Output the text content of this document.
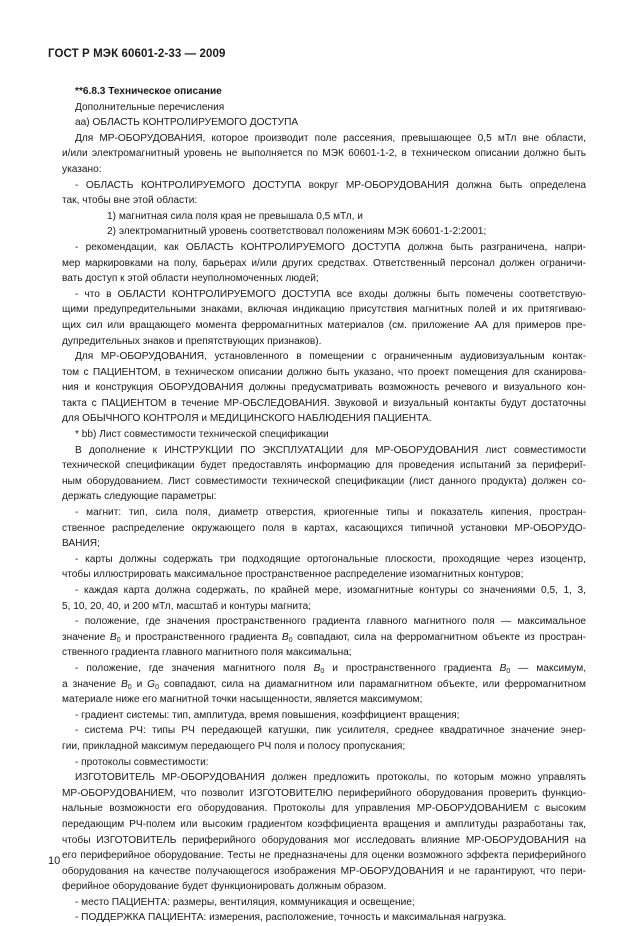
ГОСТ Р МЭК 60601-2-33 — 2009
**6.8.3 Техническое описание
Дополнительные перечисления
аа) ОБЛАСТЬ КОНТРОЛИРУЕМОГО ДОСТУПА
Для МР-ОБОРУДОВАНИЯ, которое производит поле рассеяния, превышающее 0,5 мТл вне области,
и/или электромагнитный уровень не выполняется по МЭК 60601-1-2, в техническом описании должно быть
указано:
- ОБЛАСТЬ КОНТРОЛИРУЕМОГО ДОСТУПА вокруг МР-ОБОРУДОВАНИЯ должна быть определена
так, чтобы вне этой области:
1) магнитная сила поля края не превышала 0,5 мТл, и
2) электромагнитный уровень соответствовал положениям МЭК 60601-1-2:2001;
- рекомендации, как ОБЛАСТЬ КОНТРОЛИРУЕМОГО ДОСТУПА должна быть разграничена, напри-
мер маркировками на полу, барьерах и/или других средствах. Ответственный персонал должен ограничи-
вать доступ к этой области неуполномоченных людей;
- что в ОБЛАСТИ КОНТРОЛИРУЕМОГО ДОСТУПА все входы должны быть помечены соответствую-
щими предупредительными знаками, включая индикацию присутствия магнитных полей и их притягиваю-
щих сил или вращающего момента ферромагнитных материалов (см. приложение АА для примеров пре-
дупредительных знаков и препятствующих признаков).
Для МР-ОБОРУДОВАНИЯ, установленного в помещении с ограниченным аудиовизуальным контак-
том с ПАЦИЕНТОМ, в техническом описании должно быть указано, что проект помещения для сканирова-
ния и конструкция ОБОРУДОВАНИЯ должны предусматривать возможность речевого и визуального кон-
такта с ПАЦИЕНТОМ в течение МР-ОБСЛЕДОВАНИЯ. Звуковой и визуальный контакты будут достаточны
для ОБЫЧНОГО КОНТРОЛЯ и МЕДИЦИНСКОГО НАБЛЮДЕНИЯ ПАЦИЕНТА.
* bb) Лист совместимости технической спецификации
В дополнение к ИНСТРУКЦИИ ПО ЭКСПЛУАТАЦИИ для МР-ОБОРУДОВАНИЯ лист совместимости
технической спецификации будет предоставлять информацию для проведения испытаний за перифериĭ-
ным оборудованием. Лист совместимости технической спецификации (лист данного продукта) должен со-
держать следующие параметры:
- магнит: тип, сила поля, диаметр отверстия, криогенные типы и показатель кипения, простран-
ственное распределение окружающего поля в картах, касающихся типичной установки МР-ОБОРУДО-
ВАНИЯ;
- карты должны содержать три подходящие ортогональные плоскости, проходящие через изоцентр,
чтобы иллюстрировать максимальное пространственное распределение изомагнитных контуров;
- каждая карта должна содержать, по крайней мере, изомагнитные контуры со значениями 0,5, 1, 3,
5, 10, 20, 40, и 200 мТл, масштаб и контуры магнита;
- положение, где значения пространственного градиента главного магнитного поля — максимальное
значение $B_0$ и пространственного градиента $B_0$ совпадают, сила на ферромагнитном объекте из простран-
ственного градиента главного магнитного поля максимальна;
- положение, где значения магнитного поля $B_0$ и пространственного градиента $B_0$ — максимум,
а значение $B_0$ и $G_0$ совпадают, сила на диамагнитном или парамагнитном объекте, или ферромагнитном
материале ниже его магнитной точки насыщенности, является максимумом;
- градиент системы: тип, амплитуда, время повышения, коэффициент вращения;
- система РЧ: типы РЧ передающей катушки, пик усилителя, среднее квадратичное значение энер-
гии, прикладной максимум передающего РЧ поля и полосу пропускания;
- протоколы совместимости:
ИЗГОТОВИТЕЛЬ МР-ОБОРУДОВАНИЯ должен предложить протоколы, по которым можно управлять
МР-ОБОРУДОВАНИЕМ, что позволит ИЗГОТОВИТЕЛЮ периферийного оборудования проверить функцио-
нальные возможности его оборудования. Протоколы для управления МР-ОБОРУДОВАНИЕМ с высоким
передающим РЧ-полем или высоким градиентом коэффициента вращения и амплитуды разработаны так,
чтобы ИЗГОТОВИТЕЛЬ периферийного оборудования мог исследовать влияние МР-ОБОРУДОВАНИЯ на
его периферийное оборудование. Тесты не предназначены для оценки возможного эффекта периферийного
оборудования на качестве получающегося изображения МР-ОБОРУДОВАНИЯ и не гарантируют, что пери-
ферийное оборудование будет функционировать должным образом.
- место ПАЦИЕНТА: размеры, вентиляция, коммуникация и освещение;
- ПОДДЕРЖКА ПАЦИЕНТА: измерения, расположение, точность и максимальная нагрузка.
10
